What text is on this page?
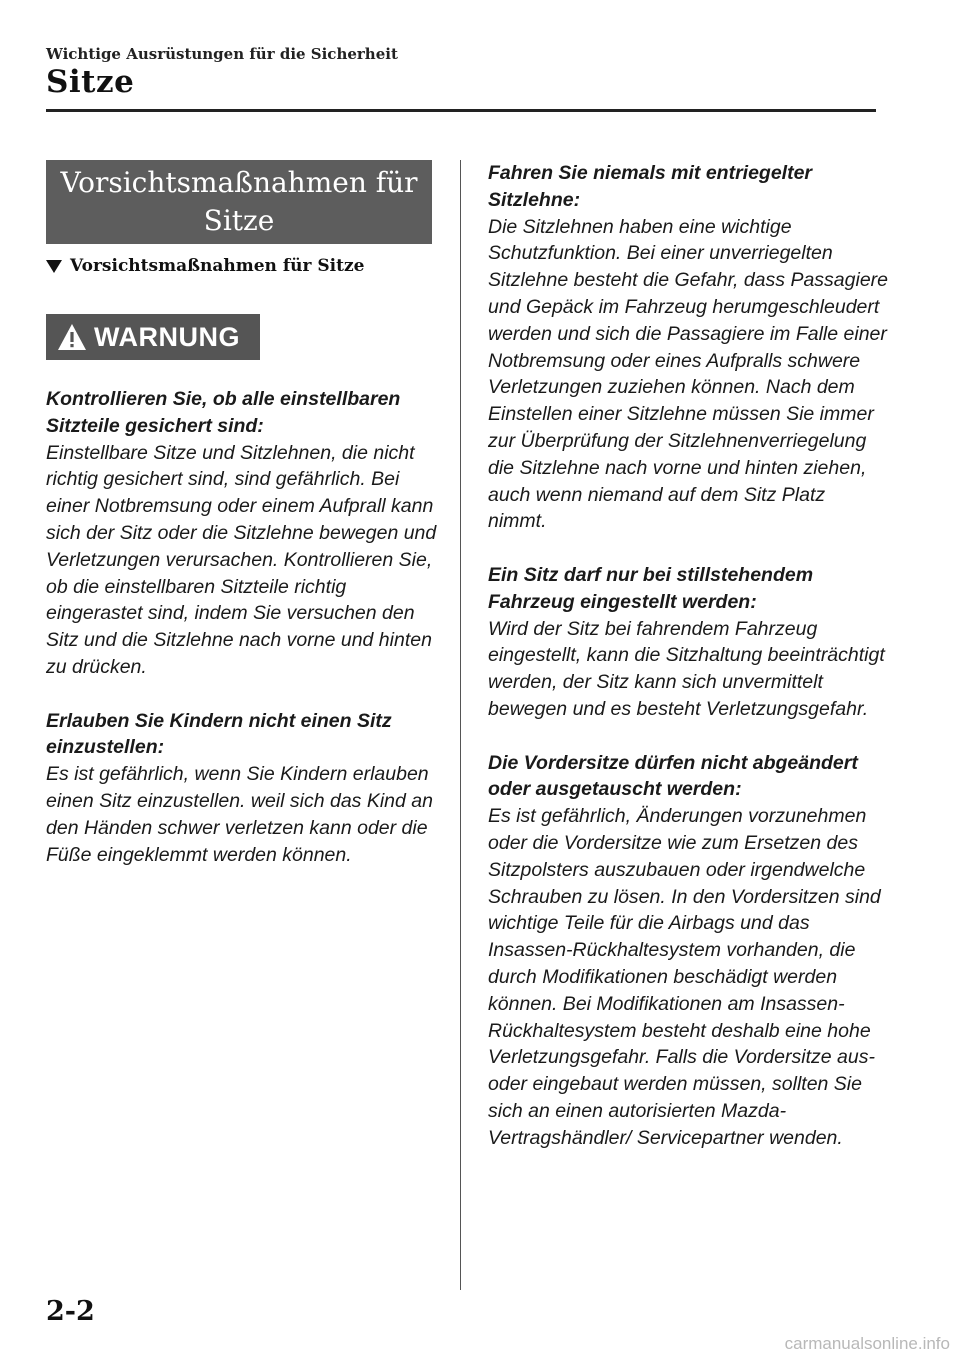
Wichtige Ausrüstungen für die Sicherheit
Sitze
Vorsichtsmaßnahmen für Sitze
Vorsichtsmaßnahmen für Sitze
WARNUNG
Kontrollieren Sie, ob alle einstellbaren Sitzteile gesichert sind:
Einstellbare Sitze und Sitzlehnen, die nicht richtig gesichert sind, sind gefährlich. Bei einer Notbremsung oder einem Aufprall kann sich der Sitz oder die Sitzlehne bewegen und Verletzungen verursachen. Kontrollieren Sie, ob die einstellbaren Sitzteile richtig eingerastet sind, indem Sie versuchen den Sitz und die Sitzlehne nach vorne und hinten zu drücken.
Erlauben Sie Kindern nicht einen Sitz einzustellen:
Es ist gefährlich, wenn Sie Kindern erlauben einen Sitz einzustellen. weil sich das Kind an den Händen schwer verletzen kann oder die Füße eingeklemmt werden können.
Fahren Sie niemals mit entriegelter Sitzlehne:
Die Sitzlehnen haben eine wichtige Schutzfunktion. Bei einer unverriegelten Sitzlehne besteht die Gefahr, dass Passagiere und Gepäck im Fahrzeug herumgeschleudert werden und sich die Passagiere im Falle einer Notbremsung oder eines Aufpralls schwere Verletzungen zuziehen können. Nach dem Einstellen einer Sitzlehne müssen Sie immer zur Überprüfung der Sitzlehnenverriegelung die Sitzlehne nach vorne und hinten ziehen, auch wenn niemand auf dem Sitz Platz nimmt.
Ein Sitz darf nur bei stillstehendem Fahrzeug eingestellt werden:
Wird der Sitz bei fahrendem Fahrzeug eingestellt, kann die Sitzhaltung beeinträchtigt werden, der Sitz kann sich unvermittelt bewegen und es besteht Verletzungsgefahr.
Die Vordersitze dürfen nicht abgeändert oder ausgetauscht werden:
Es ist gefährlich, Änderungen vorzunehmen oder die Vordersitze wie zum Ersetzen des Sitzpolsters auszubauen oder irgendwelche Schrauben zu lösen. In den Vordersitzen sind wichtige Teile für die Airbags und das Insassen-Rückhaltesystem vorhanden, die durch Modifikationen beschädigt werden können. Bei Modifikationen am Insassen-Rückhaltesystem besteht deshalb eine hohe Verletzungsgefahr. Falls die Vordersitze aus- oder eingebaut werden müssen, sollten Sie sich an einen autorisierten Mazda-Vertragshändler/ Servicepartner wenden.
2-2
carmanualsonline.info
